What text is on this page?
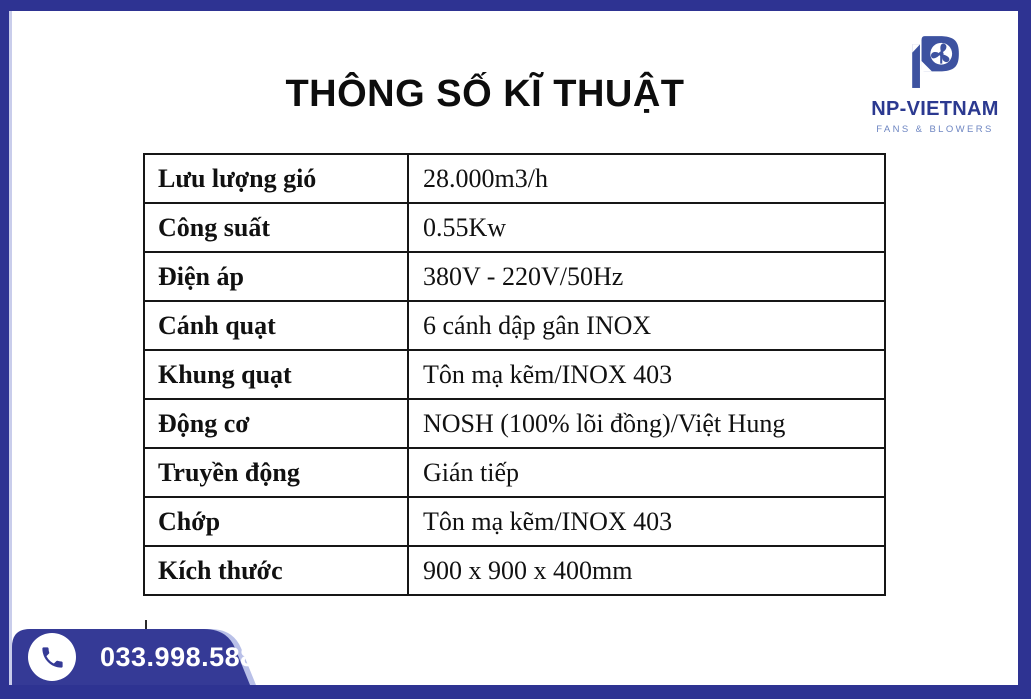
THÔNG SỐ KĨ THUẬT	NP-VIETNAM
FANS & BLOWERS
Lưu lượng gió	28.000m3/h
Công suất	0.55Kw
Điện áp	380V - 220V/50Hz
Cánh quạt	6 cánh dập gân INOX
Khung quạt	Tôn mạ kẽm/INOX 403
Động cơ	NOSH (100% lõi đồng)/Việt Hung
Truyền động	Gián tiếp
Chớp	Tôn mạ kẽm/INOX 403
Kích thước	900 x 900 x 400mm
033.998.5885
